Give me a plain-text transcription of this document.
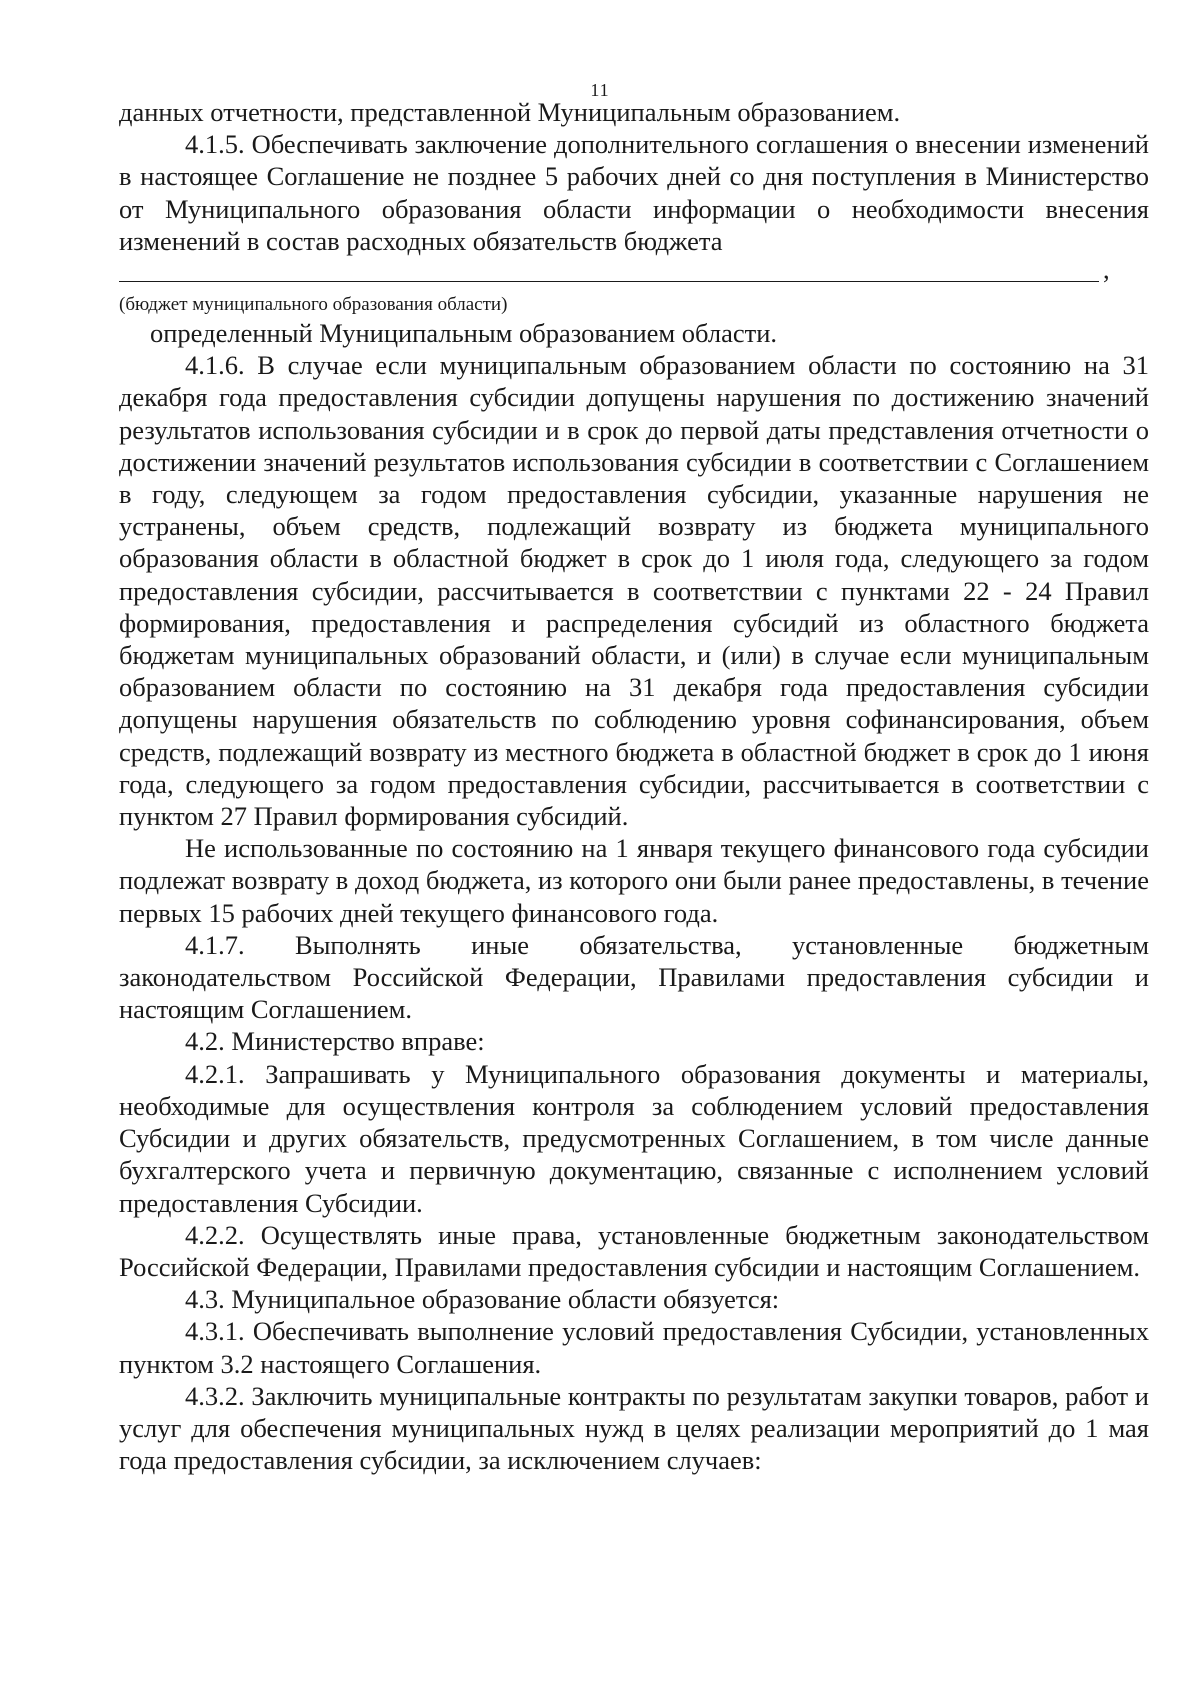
11

данных отчетности, представленной Муниципальным образованием.

4.1.5. Обеспечивать заключение дополнительного соглашения о внесении изменений в настоящее Соглашение не позднее 5 рабочих дней со дня поступления в Министерство от Муниципального образования области информации о необходимости внесения изменений в состав расходных обязательств бюджета

,

(бюджет муниципального образования области)

определенный Муниципальным образованием области.

4.1.6. В случае если муниципальным образованием области по состоянию на 31 декабря года предоставления субсидии допущены нарушения по достижению значений результатов использования субсидии и в срок до первой даты представления отчетности о достижении значений результатов использования субсидии в соответствии с Соглашением в году, следующем за годом предоставления субсидии, указанные нарушения не устранены, объем средств, подлежащий возврату из бюджета муниципального образования области в областной бюджет в срок до 1 июля года, следующего за годом предоставления субсидии, рассчитывается в соответствии с пунктами 22 - 24 Правил формирования, предоставления и распределения субсидий из областного бюджета бюджетам муниципальных образований области, и (или) в случае если муниципальным образованием области по состоянию на 31 декабря года предоставления субсидии допущены нарушения обязательств по соблюдению уровня софинансирования, объем средств, подлежащий возврату из местного бюджета в областной бюджет в срок до 1 июня года, следующего за годом предоставления субсидии, рассчитывается в соответствии с пунктом 27 Правил формирования субсидий.

Не использованные по состоянию на 1 января текущего финансового года субсидии подлежат возврату в доход бюджета, из которого они были ранее предоставлены, в течение первых 15 рабочих дней текущего финансового года.

4.1.7. Выполнять иные обязательства, установленные бюджетным законодательством Российской Федерации, Правилами предоставления субсидии и настоящим Соглашением.

4.2. Министерство вправе:

4.2.1. Запрашивать у Муниципального образования документы и материалы, необходимые для осуществления контроля за соблюдением условий предоставления Субсидии и других обязательств, предусмотренных Соглашением, в том числе данные бухгалтерского учета и первичную документацию, связанные с исполнением условий предоставления Субсидии.

4.2.2. Осуществлять иные права, установленные бюджетным законодательством Российской Федерации, Правилами предоставления субсидии и настоящим Соглашением.

4.3. Муниципальное образование области обязуется:

4.3.1. Обеспечивать выполнение условий предоставления Субсидии, установленных пунктом 3.2 настоящего Соглашения.

4.3.2. Заключить муниципальные контракты по результатам закупки товаров, работ и услуг для обеспечения муниципальных нужд в целях реализации мероприятий до 1 мая года предоставления субсидии, за исключением случаев:
